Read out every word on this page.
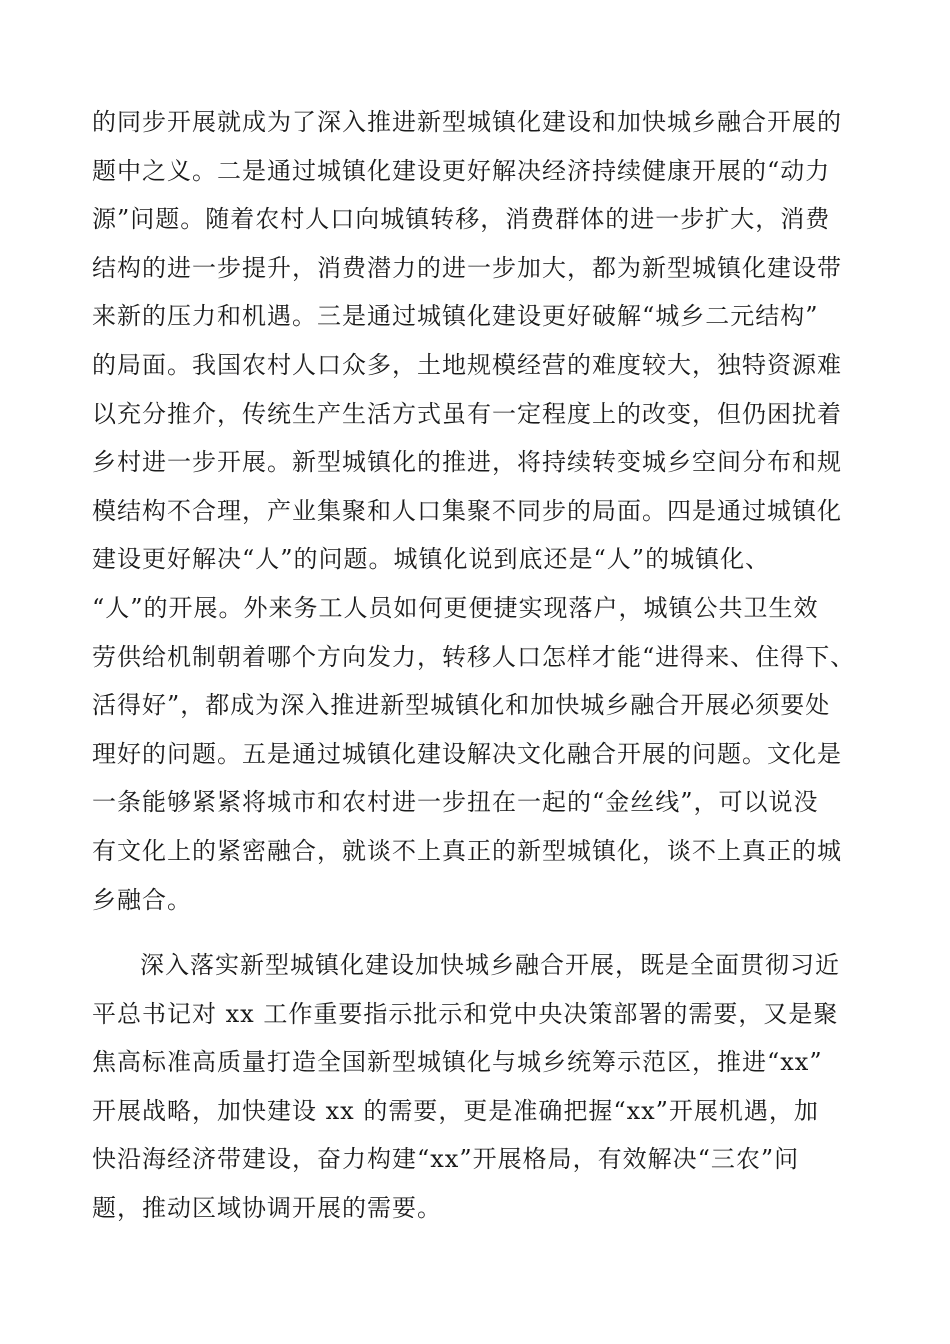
的同步开展就成为了深入推进新型城镇化建设和加快城乡融合开展的
题中之义。二是通过城镇化建设更好解决经济持续健康开展的“动力
源”问题。随着农村人口向城镇转移，消费群体的进一步扩大，消费
结构的进一步提升，消费潜力的进一步加大，都为新型城镇化建设带
来新的压力和机遇。三是通过城镇化建设更好破解“城乡二元结构”
的局面。我国农村人口众多，土地规模经营的难度较大，独特资源难
以充分推介，传统生产生活方式虽有一定程度上的改变，但仍困扰着
乡村进一步开展。新型城镇化的推进，将持续转变城乡空间分布和规
模结构不合理，产业集聚和人口集聚不同步的局面。四是通过城镇化
建设更好解决“人”的问题。城镇化说到底还是“人”的城镇化、
“人”的开展。外来务工人员如何更便捷实现落户，城镇公共卫生效
劳供给机制朝着哪个方向发力，转移人口怎样才能“进得来、住得下、
活得好”，都成为深入推进新型城镇化和加快城乡融合开展必须要处
理好的问题。五是通过城镇化建设解决文化融合开展的问题。文化是
一条能够紧紧将城市和农村进一步扭在一起的“金丝线”，可以说没
有文化上的紧密融合，就谈不上真正的新型城镇化，谈不上真正的城
乡融合。
深入落实新型城镇化建设加快城乡融合开展，既是全面贯彻习近
平总书记对 xx 工作重要指示批示和党中央决策部署的需要，又是聚
焦高标准高质量打造全国新型城镇化与城乡统筹示范区，推进“xx”
开展战略，加快建设 xx 的需要，更是准确把握“xx”开展机遇，加
快沿海经济带建设，奋力构建“xx”开展格局，有效解决“三农”问
题，推动区域协调开展的需要。
